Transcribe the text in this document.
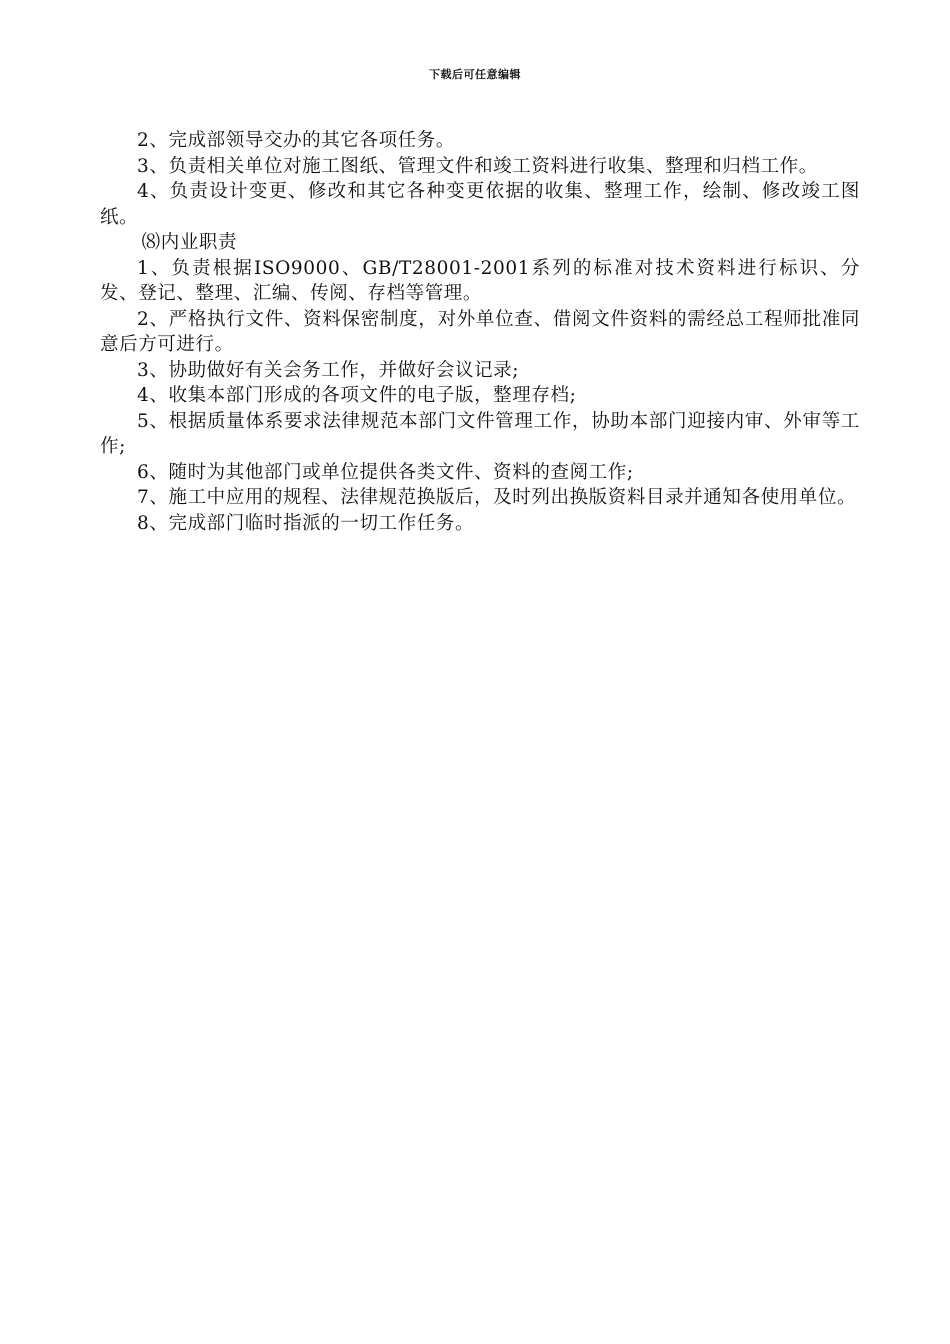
下载后可任意编辑

2、完成部领导交办的其它各项任务。

3、负责相关单位对施工图纸、管理文件和竣工资料进行收集、整理和归档工作。

4、负责设计变更、修改和其它各种变更依据的收集、整理工作，绘制、修改竣工图纸。

⑻内业职责

1、负责根据ISO9000、GB/T28001-2001系列的标准对技术资料进行标识、分发、登记、整理、汇编、传阅、存档等管理。

2、严格执行文件、资料保密制度，对外单位查、借阅文件资料的需经总工程师批准同意后方可进行。

3、协助做好有关会务工作，并做好会议记录;

4、收集本部门形成的各项文件的电子版，整理存档;

5、根据质量体系要求法律规范本部门文件管理工作，协助本部门迎接内审、外审等工作;

6、随时为其他部门或单位提供各类文件、资料的查阅工作;

7、施工中应用的规程、法律规范换版后，及时列出换版资料目录并通知各使用单位。

8、完成部门临时指派的一切工作任务。
